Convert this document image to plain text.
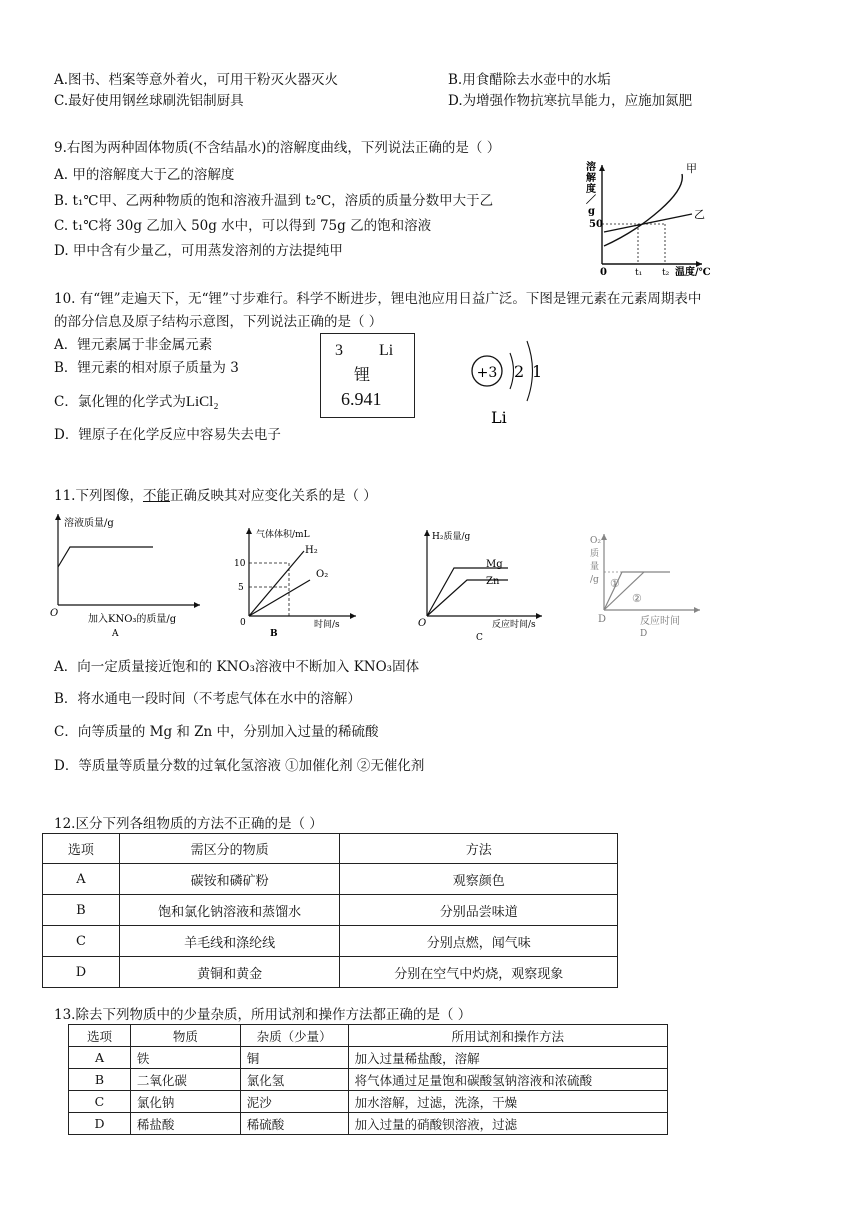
A.图书、档案等意外着火，可用干粉灭火器灭火	B.用食醋除去水壶中的水垢
C.最好使用钢丝球刷洗铝制厨具	D.为增强作物抗寒抗旱能力，应施加氮肥
9.右图为两种固体物质(不含结晶水)的溶解度曲线，下列说法正确的是（ ）
A. 甲的溶解度大于乙的溶解度
B. t₁℃甲、乙两种物质的饱和溶液升温到 t₂℃，溶质的质量分数甲大于乙
C. t₁℃将 30g 乙加入 50g 水中，可以得到 75g 乙的饱和溶液
D. 甲中含有少量乙，可用蒸发溶剂的方法提纯甲
溶
解
度
／
g
50
0	t₁ t₂ 温度/℃
甲
乙
10. 有“锂”走遍天下，无“锂”寸步难行。科学不断进步，锂电池应用日益广泛。下图是锂元素在元素周期表中
的部分信息及原子结构示意图，下列说法正确的是（ ）
A．锂元素属于非金属元素
B．锂元素的相对原子质量为 3
C．氯化锂的化学式为LiCl₂
D．锂原子在化学反应中容易失去电子
3 Li
锂
6.941
+3 2 1
Li
11.下列图像，不能正确反映其对应变化关系的是（ ）
溶液质量/g
O
加入KNO₃的质量/g
A
气体体积/mL
10
5
0
H₂
O₂
时间/s
B
H₂质量/g
Mg
Zn
O	反应时间/s
C
O₂
质
量
/g ①
②
D	反应时间
D
A．向一定质量接近饱和的 KNO₃溶液中不断加入 KNO₃固体
B．将水通电一段时间（不考虑气体在水中的溶解）
C．向等质量的 Mg 和 Zn 中，分别加入过量的稀硫酸
D．等质量等质量分数的过氧化氢溶液 ①加催化剂 ②无催化剂
12.区分下列各组物质的方法不正确的是（ ）
选项	需区分的物质	方法
A	碳铵和磷矿粉	观察颜色
B	饱和氯化钠溶液和蒸馏水	分别品尝味道
C	羊毛线和涤纶线	分别点燃，闻气味
D	黄铜和黄金	分别在空气中灼烧，观察现象
13.除去下列物质中的少量杂质，所用试剂和操作方法都正确的是（ ）
选项	物质	杂质（少量）	所用试剂和操作方法
A	铁	铜	加入过量稀盐酸，溶解
B	二氧化碳	氯化氢	将气体通过足量饱和碳酸氢钠溶液和浓硫酸
C	氯化钠	泥沙	加水溶解，过滤，洗涤，干燥
D	稀盐酸	稀硫酸	加入过量的硝酸钡溶液，过滤
